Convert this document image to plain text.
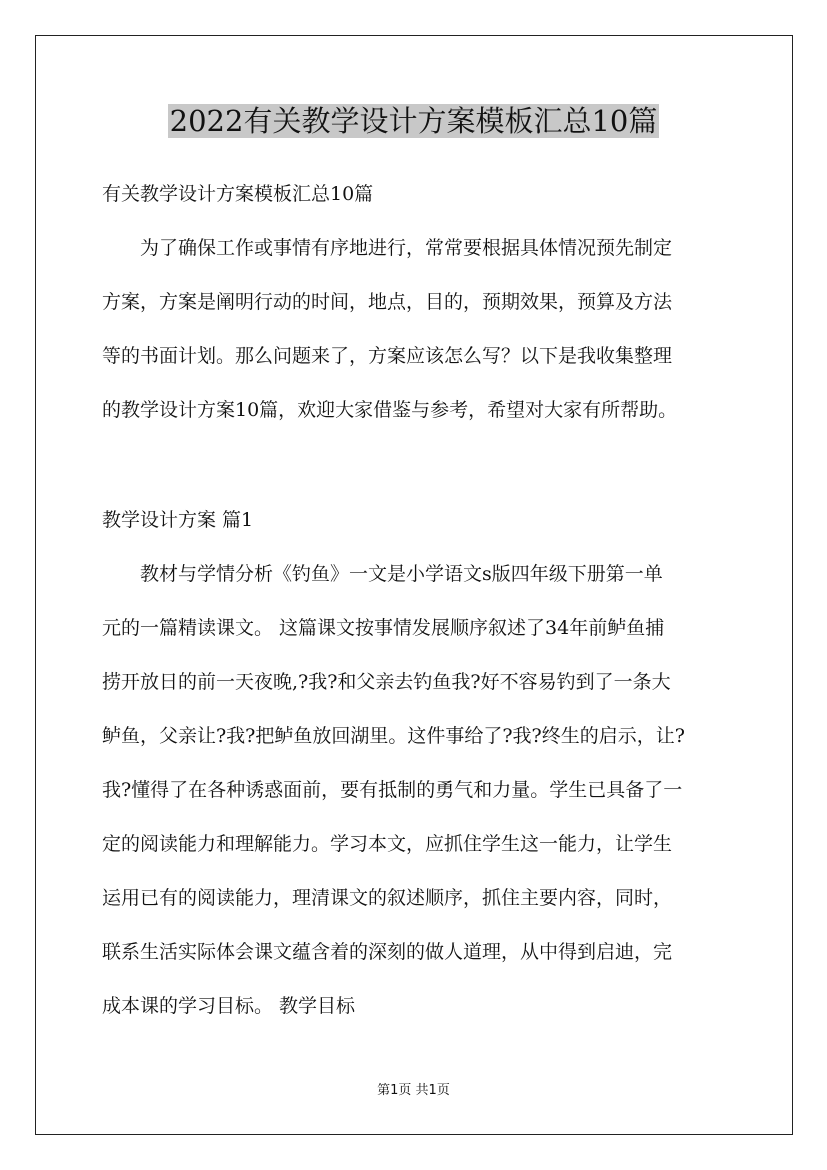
2022有关教学设计方案模板汇总10篇

有关教学设计方案模板汇总10篇

为了确保工作或事情有序地进行，常常要根据具体情况预先制定

方案，方案是阐明行动的时间，地点，目的，预期效果，预算及方法

等的书面计划。那么问题来了，方案应该怎么写？以下是我收集整理

的教学设计方案10篇，欢迎大家借鉴与参考，希望对大家有所帮助。

教学设计方案 篇1

教材与学情分析《钓鱼》一文是小学语文s版四年级下册第一单

元的一篇精读课文。 这篇课文按事情发展顺序叙述了34年前鲈鱼捕

捞开放日的前一天夜晚,?我?和父亲去钓鱼我?好不容易钓到了一条大

鲈鱼，父亲让?我?把鲈鱼放回湖里。这件事给了?我?终生的启示，让?

我?懂得了在各种诱惑面前，要有抵制的勇气和力量。学生已具备了一

定的阅读能力和理解能力。学习本文，应抓住学生这一能力，让学生

运用已有的阅读能力，理清课文的叙述顺序，抓住主要内容，同时，

联系生活实际体会课文蕴含着的深刻的做人道理，从中得到启迪，完

成本课的学习目标。 教学目标

第1页 共1页
